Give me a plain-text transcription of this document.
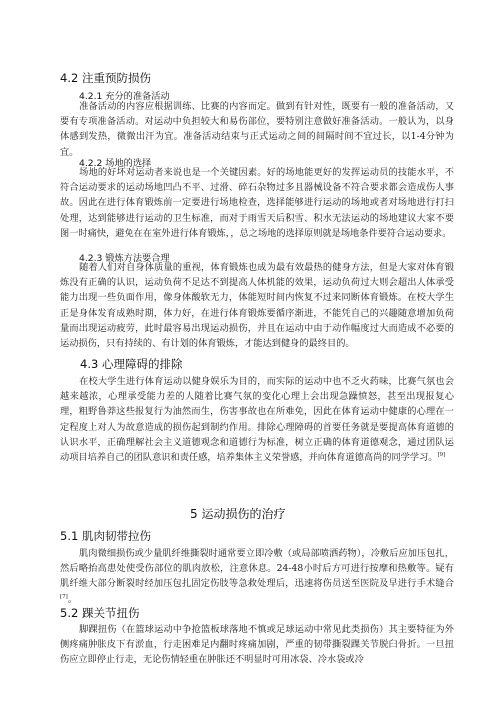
4.2 注重预防损伤
4.2.1 充分的准备活动
准备活动的内容应根据训练、比赛的内容而定。做到有针对性，既要有一般的准备活动，又要有专项准备活动。对运动中负担较大和易伤部位，要特别注意做好准备活动。一般认为，以身体感到发热，微微出汗为宜。准备活动结束与正式运动之间的间隔时间不宜过长，以1-4分钟为宜。
4.2.2 场地的选择
场地的好坏对运动者来说也是一个关键因素。好的场地能更好的发挥运动员的技能水平，不符合运动要求的运动场地凹凸不平、过滑、碎石杂物过多且器械设备不符合要求都会造成伤人事故。因此在进行体育锻炼前一定要进行场地检查，选择能够进行运动的场地或者对场地进行打扫处理，达到能够进行运动的卫生标准，而对于雨雪天后积雪、积水无法运动的场地建议大家不要图一时痛快，避免在在室外进行体育锻炼，，总之场地的选择原则就是场地条件要符合运动要求。
4.2.3 锻炼方法要合理
随着人们对自身体质量的重视，体育锻炼也成为最有效最热的健身方法，但是大家对体育锻炼没有正确的认识，运动负荷不足达不到提高人体机能的效果，运动负荷过大则会超出人体承受能力出现一些负面作用，像身体酸软无力，体能短时间内恢复不过来同断体育锻炼。在校大学生正是身体发育成熟时期，体力好，在进行体育锻炼要循序渐进，不能凭自己的兴趣随意增加负荷量而出现运动疲劳，此时最容易出现运动损伤，并且在运动中由于动作幅度过大而造成不必要的运动损伤，只有持续的、有计划的体育锻炼，才能达到健身的最终目的。
4.3 心理障碍的排除
在校大学生进行体育运动以健身娱乐为目的，而实际的运动中也不乏火药味，比赛气氛也会越来越浓，心理承受能力差的人随着比赛气氛的变化心理上会出现急躁愤怒，甚至出现报复心理，粗野鲁莽这些报复行为油然而生，伤害事故也在所难免，因此在体育运动中健康的心理在一定程度上对人为故意造成的损伤起到制约作用。排除心理障碍的首要任务就是要提高体育道德的认识水平，正确理解社会主义道德观念和道德行为标准，树立正确的体育道德观念，通过团队运动项目培养自己的团队意识和责任感，培养集体主义荣誉感，并向体育道德高尚的同学学习。[9]
5 运动损伤的治疗
5.1 肌肉韧带拉伤
肌肉微细损伤或少量肌纤维撕裂时通常要立即冷敷（或局部喷洒药物），冷敷后应加压包扎，然后略抬高患处使受伤部位的肌肉放松，注意休息。24-48小时后方可进行按摩和热敷等。疑有肌纤维大部分断裂时经加压包扎固定伤肢等急救处理后，迅速将伤员送至医院及早进行手术缝合[7]。
5.2 踝关节扭伤
脚踝扭伤（在篮球运动中争抢篮板球落地不慎或足球运动中常见此类损伤）其主要特征为外侧疼痛肿胀皮下有淤血，行走困难足内翻时疼痛加剧，严重的韧带撕裂踝关节脱臼骨折。一旦扭伤应立即停止行走，无论伤情轻重在肿胀还不明显时可用冰袋、冷水袋或冷
